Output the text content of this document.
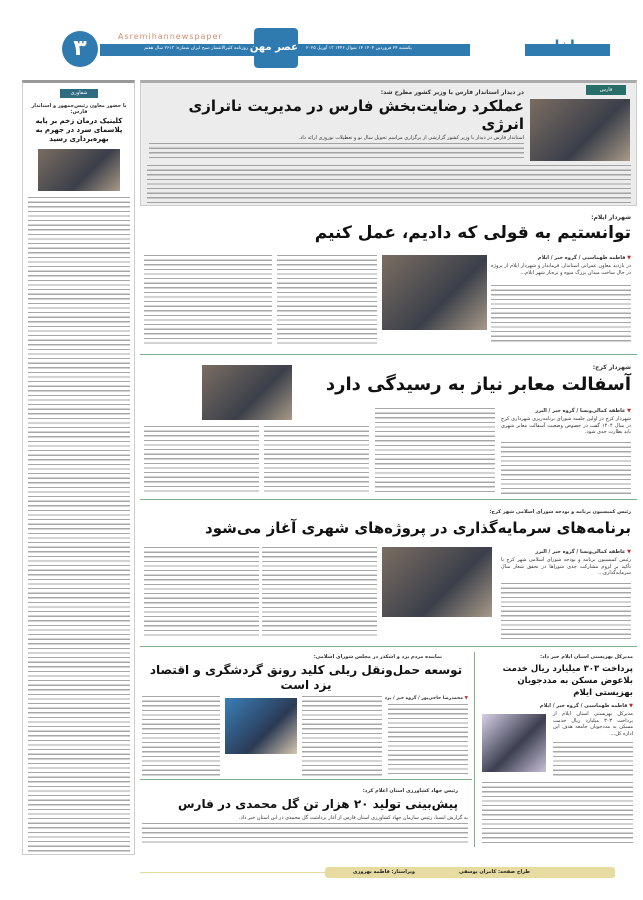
۳	Asremihannewspaper
روزنامه کثیرالانتشار صبح ایران شماره: ۲۶۱۳ سال هفتم عصر مهن یکشنبه ۲۴ فروردین ۱۴۰۴ ۱۴ شوال ۱۴۴۶ ۱۳ آوریل ۲۰۲۵	داخلی
شفاوری
با حضور معاون رئیس‌جمهور و استاندار فارس:
کلینیک درمان زخم بر پایه پلاسمای سرد در جهرم به بهره‌برداری رسید
فارس
در دیدار استاندار فارس با وزیر کشور مطرح شد:
عملکرد رضایت‌بخش فارس در مدیریت ناترازی انرژی
استاندار فارس در دیدار با وزیر کشور گزارشی از برگزاری مراسم تحویل سال نو و تعطیلات نوروزی ارائه داد.
شهردار ایلام:
توانستیم به قولی که دادیم، عمل کنیم
▼ فاطمه طهماسبی / گروه خبر / ایلام
در بازدید معاون عمرانی استاندار، فرماندار و شهردار ایلام از پروژه در حال ساخت میدان بزرگ میوه و تره‌بار شهر ایلام...
شهردار کرج:
آسفالت معابر نیاز به رسیدگی دارد
▼ عاطفه کمالی‌ونسا / گروه خبر / البرز
شهردار کرج در اولین جلسه شورای برنامه‌ریزی شهرداری کرج در سال ۱۴۰۴ گفت در خصوص وضعیت آسفالت معابر شهری باید نظارت جدی شود.
رئیس کمیسیون برنامه و بودجه شورای اسلامی شهر کرج:
برنامه‌های سرمایه‌گذاری در پروژه‌های شهری آغاز می‌شود
▼ عاطفه کمالی‌ونسا / گروه خبر / البرز
رئیس کمیسیون برنامه و بودجه شورای اسلامی شهر کرج با تأکید بر لزوم مشارکت جدی شوراها در تحقق شعار سال سرمایه‌گذاری...
نماینده مردم یزد و اشکذر در مجلس شورای اسلامی:
توسعه حمل‌ونقل ریلی کلید رونق گردشگری و اقتصاد یزد است
▼ محمدرضا حاجی‌پور / گروه خبر / یزد
مدیرکل بهزیستی استان ایلام خبر داد:
پرداخت ۳۰۳ میلیارد ریال خدمت بلاعوض مسکن به مددجویان بهزیستی ایلام
▼ فاطمه طهماسبی / گروه خبر / ایلام
مدیرکل بهزیستی استان ایلام از پرداخت ۳۰۳ میلیارد ریال خدمت مسکن به مددجویان جامعه هدف این اداره کل...
رئیس جهاد کشاورزی استان اعلام کرد:
پیش‌بینی تولید ۲۰ هزار تن گل محمدی در فارس
به گزارش ایسنا، رئیس سازمان جهاد کشاورزی استان فارس از آغاز برداشت گل محمدی در این استان خبر داد.
طراح صفحه: کامران یوسفی
ویراستار: فاطمه بهروزی
